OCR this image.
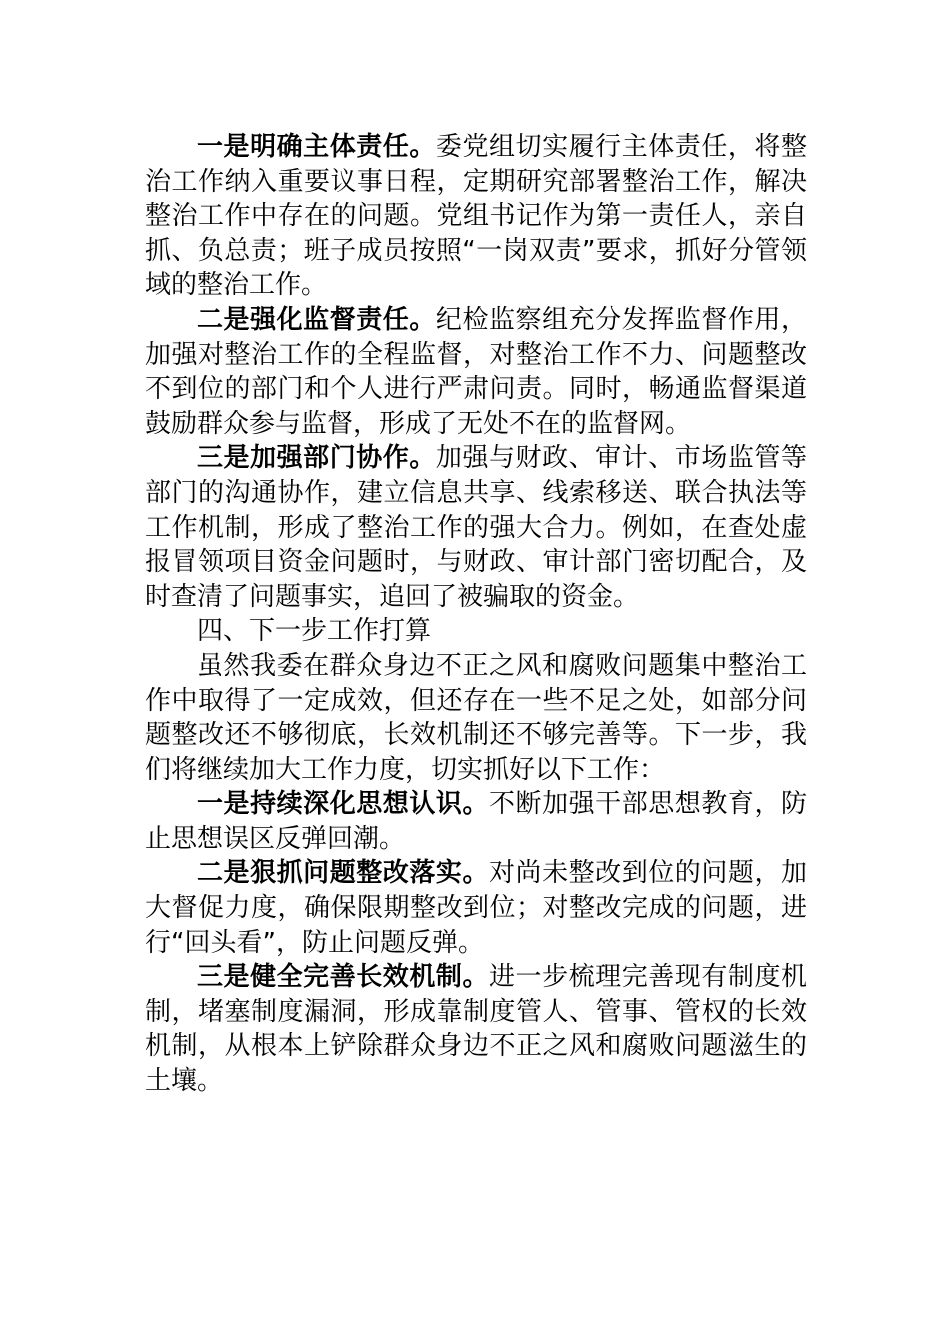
一是明确主体责任。委党组切实履行主体责任，将整治工作纳入重要议事日程，定期研究部署整治工作，解决整治工作中存在的问题。党组书记作为第一责任人，亲自抓、负总责；班子成员按照“一岗双责”要求，抓好分管领域的整治工作。

二是强化监督责任。纪检监察组充分发挥监督作用，加强对整治工作的全程监督，对整治工作不力、问题整改不到位的部门和个人进行严肃问责。同时，畅通监督渠道鼓励群众参与监督，形成了无处不在的监督网。

三是加强部门协作。加强与财政、审计、市场监管等部门的沟通协作，建立信息共享、线索移送、联合执法等工作机制，形成了整治工作的强大合力。例如，在查处虚报冒领项目资金问题时，与财政、审计部门密切配合，及时查清了问题事实，追回了被骗取的资金。

四、下一步工作打算

虽然我委在群众身边不正之风和腐败问题集中整治工作中取得了一定成效，但还存在一些不足之处，如部分问题整改还不够彻底，长效机制还不够完善等。下一步，我们将继续加大工作力度，切实抓好以下工作：

一是持续深化思想认识。不断加强干部思想教育，防止思想误区反弹回潮。

二是狠抓问题整改落实。对尚未整改到位的问题，加大督促力度，确保限期整改到位；对整改完成的问题，进行“回头看”，防止问题反弹。

三是健全完善长效机制。进一步梳理完善现有制度机制，堵塞制度漏洞，形成靠制度管人、管事、管权的长效机制，从根本上铲除群众身边不正之风和腐败问题滋生的土壤。
